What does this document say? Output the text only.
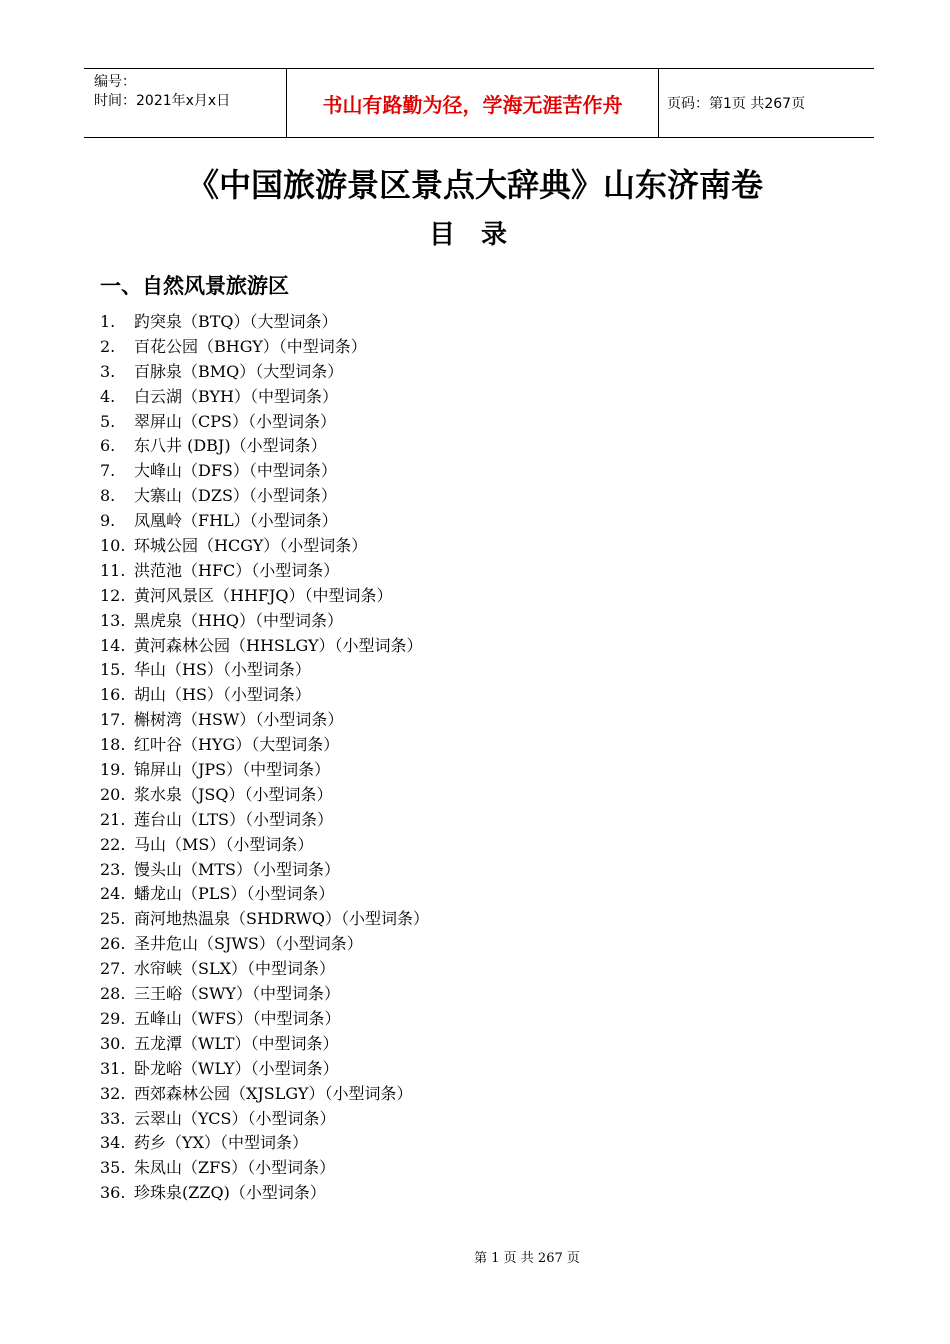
编号：
时间：2021年x月x日	书山有路勤为径，学海无涯苦作舟	页码：第1页 共267页
《中国旅游景区景点大辞典》山东济南卷
目录
一、自然风景旅游区
1. 趵突泉（BTQ）（大型词条）
2. 百花公园（BHGY）（中型词条）
3. 百脉泉（BMQ）（大型词条）
4. 白云湖（BYH）（中型词条）
5. 翠屏山（CPS）（小型词条）
6. 东八井 (DBJ)（小型词条）
7. 大峰山（DFS）（中型词条）
8. 大寨山（DZS）（小型词条）
9. 凤凰岭（FHL）（小型词条）
10. 环城公园（HCGY）（小型词条）
11. 洪范池（HFC）（小型词条）
12. 黄河风景区（HHFJQ）（中型词条）
13. 黑虎泉（HHQ）（中型词条）
14. 黄河森林公园（HHSLGY）（小型词条）
15. 华山（HS）（小型词条）
16. 胡山（HS）（小型词条）
17. 槲树湾（HSW）（小型词条）
18. 红叶谷（HYG）（大型词条）
19. 锦屏山（JPS）（中型词条）
20. 浆水泉（JSQ）（小型词条）
21. 莲台山（LTS）（小型词条）
22. 马山（MS）（小型词条）
23. 馒头山（MTS）（小型词条）
24. 蟠龙山（PLS）（小型词条）
25. 商河地热温泉（SHDRWQ）（小型词条）
26. 圣井危山（SJWS）（小型词条）
27. 水帘峡（SLX）（中型词条）
28. 三王峪（SWY）（中型词条）
29. 五峰山（WFS）（中型词条）
30. 五龙潭（WLT）（中型词条）
31. 卧龙峪（WLY）（小型词条）
32. 西郊森林公园（XJSLGY）（小型词条）
33. 云翠山（YCS）（小型词条）
34. 药乡（YX）（中型词条）
35. 朱凤山（ZFS）（小型词条）
36. 珍珠泉(ZZQ)（小型词条）
第 1 页 共 267 页
